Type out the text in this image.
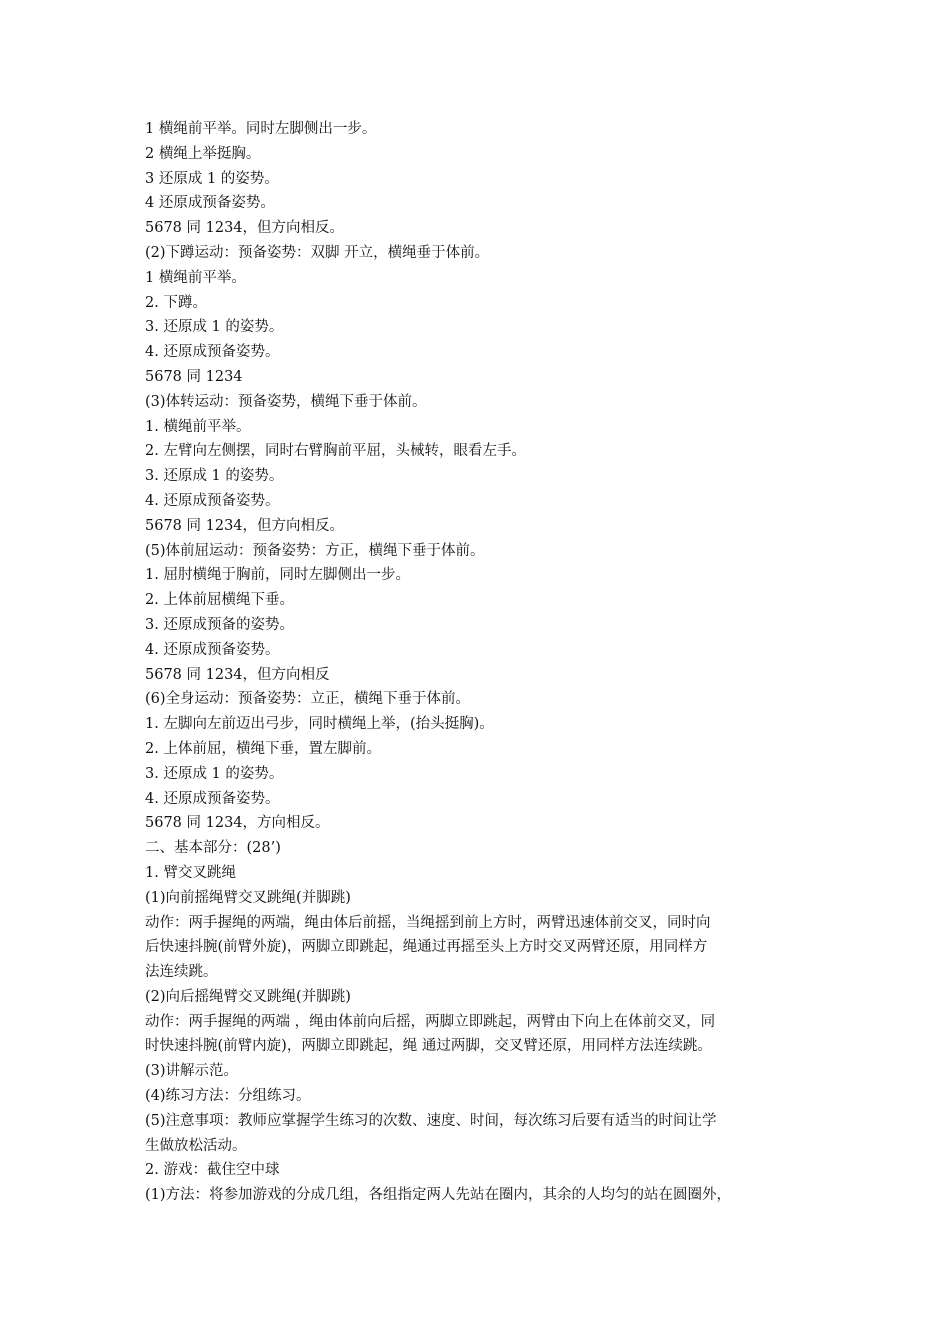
1 横绳前平举。同时左脚侧出一步。
2 横绳上举挺胸。
3 还原成 1 的姿势。
4 还原成预备姿势。
5678 同 1234，但方向相反。
(2)下蹲运动：预备姿势：双脚 开立，横绳垂于体前。
1 横绳前平举。
2. 下蹲。
3. 还原成 1 的姿势。
4. 还原成预备姿势。
5678 同 1234
(3)体转运动：预备姿势，横绳下垂于体前。
1. 横绳前平举。
2. 左臂向左侧摆，同时右臂胸前平屈，头械转，眼看左手。
3. 还原成 1 的姿势。
4. 还原成预备姿势。
5678 同 1234，但方向相反。
(5)体前屈运动：预备姿势：方正，横绳下垂于体前。
1. 屈肘横绳于胸前，同时左脚侧出一步。
2. 上体前屈横绳下垂。
3. 还原成预备的姿势。
4. 还原成预备姿势。
5678 同 1234，但方向相反
(6)全身运动：预备姿势：立正，横绳下垂于体前。
1. 左脚向左前迈出弓步，同时横绳上举，(抬头挺胸)。
2. 上体前屈，横绳下垂，置左脚前。
3. 还原成 1 的姿势。
4. 还原成预备姿势。
5678 同 1234，方向相反。
二、基本部分：(28’)
1. 臂交叉跳绳
(1)向前摇绳臂交叉跳绳(并脚跳)
动作：两手握绳的两端，绳由体后前摇，当绳摇到前上方时，两臂迅速体前交叉，同时向
后快速抖腕(前臂外旋)，两脚立即跳起，绳通过再摇至头上方时交叉两臂还原，用同样方
法连续跳。
(2)向后摇绳臂交叉跳绳(并脚跳)
动作：两手握绳的两端 ，绳由体前向后摇，两脚立即跳起，两臂由下向上在体前交叉，同
时快速抖腕(前臂内旋)，两脚立即跳起，绳 通过两脚，交叉臂还原，用同样方法连续跳。
(3)讲解示范。
(4)练习方法：分组练习。
(5)注意事项：教师应掌握学生练习的次数、速度、时间，每次练习后要有适当的时间让学
生做放松活动。
2. 游戏：截住空中球
(1)方法：将参加游戏的分成几组，各组指定两人先站在圈内，其余的人均匀的站在圆圈外，
